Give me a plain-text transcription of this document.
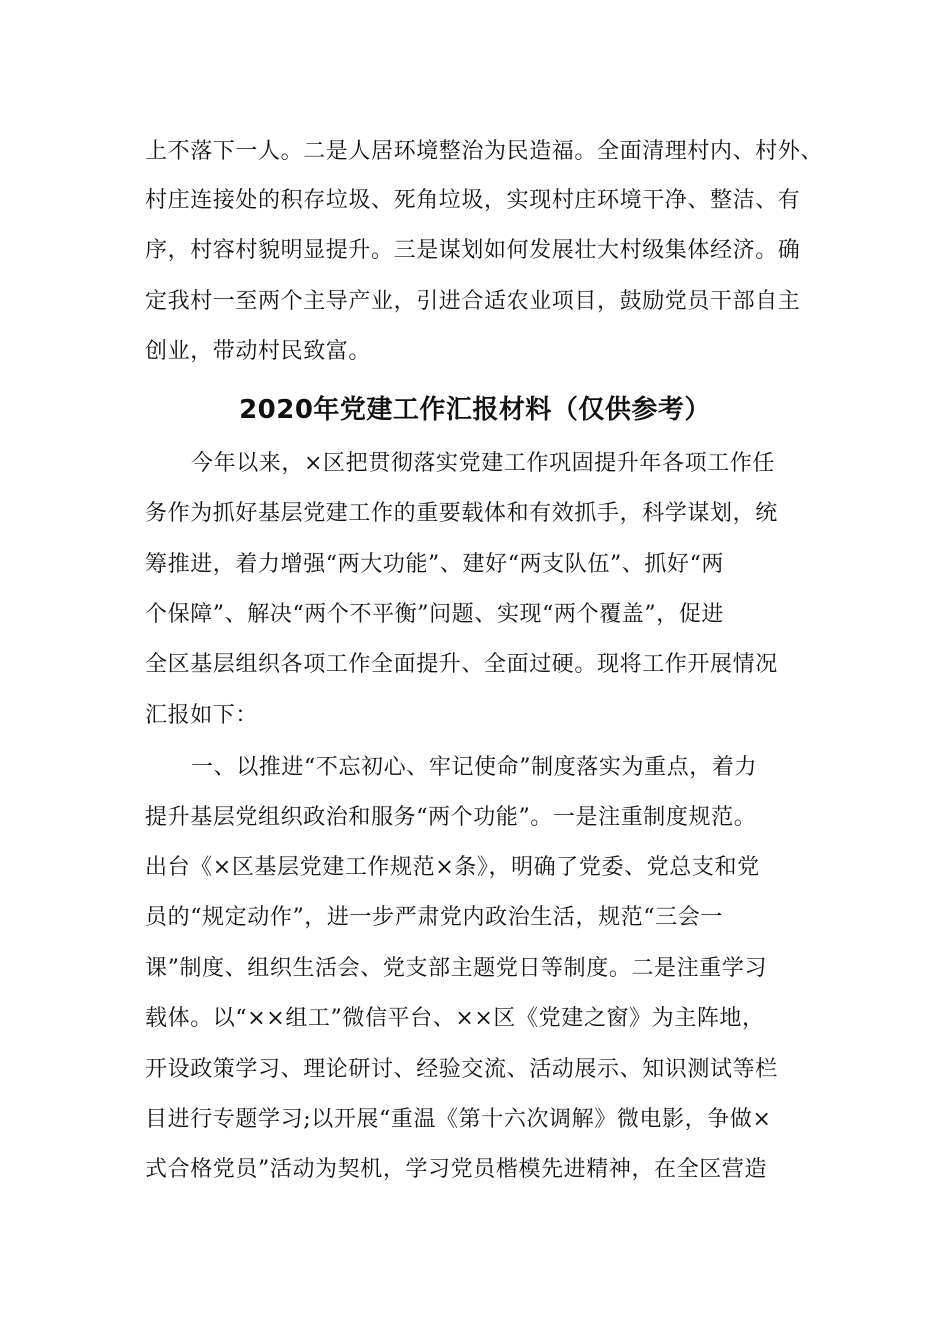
上不落下一人。二是人居环境整治为民造福。全面清理村内、村外、
村庄连接处的积存垃圾、死角垃圾，实现村庄环境干净、整洁、有
序，村容村貌明显提升。三是谋划如何发展壮大村级集体经济。确
定我村一至两个主导产业，引进合适农业项目，鼓励党员干部自主
创业，带动村民致富。
2020年党建工作汇报材料（仅供参考）
今年以来，×区把贯彻落实党建工作巩固提升年各项工作任
务作为抓好基层党建工作的重要载体和有效抓手，科学谋划，统
筹推进，着力增强“两大功能”、建好“两支队伍”、抓好“两
个保障”、解决“两个不平衡”问题、实现“两个覆盖”，促进
全区基层组织各项工作全面提升、全面过硬。现将工作开展情况
汇报如下：
一、以推进“不忘初心、牢记使命”制度落实为重点，着力
提升基层党组织政治和服务“两个功能”。一是注重制度规范。
出台《×区基层党建工作规范×条》，明确了党委、党总支和党
员的“规定动作”，进一步严肃党内政治生活，规范“三会一
课”制度、组织生活会、党支部主题党日等制度。二是注重学习
载体。以“××组工”微信平台、××区《党建之窗》为主阵地，
开设政策学习、理论研讨、经验交流、活动展示、知识测试等栏
目进行专题学习;以开展“重温《第十六次调解》微电影，争做×
式合格党员”活动为契机，学习党员楷模先进精神，在全区营造
